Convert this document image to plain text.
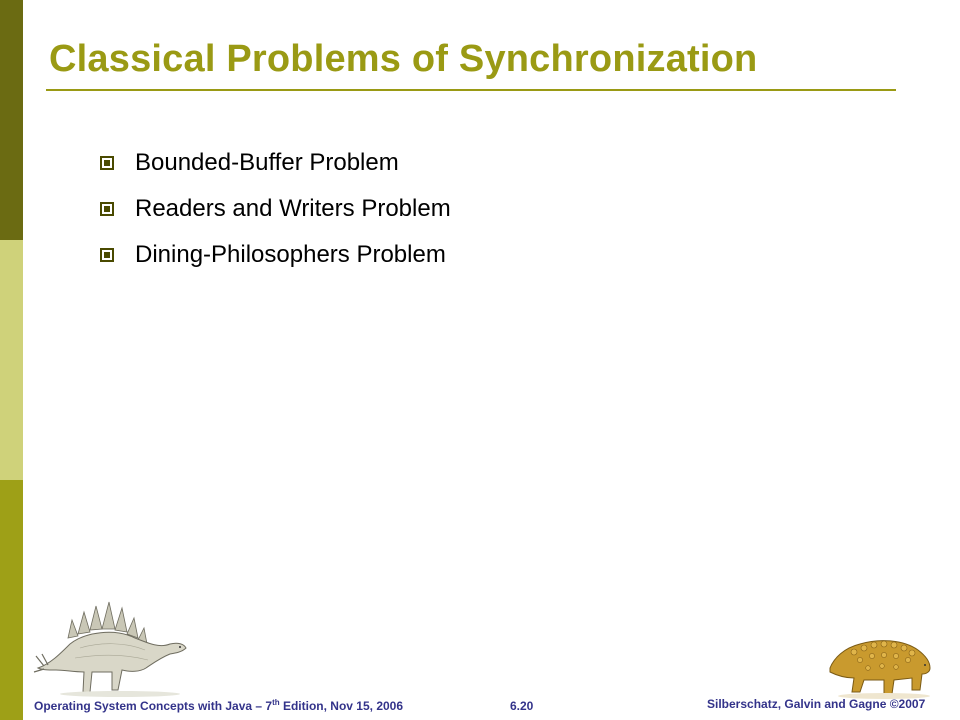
Classical Problems of Synchronization
Bounded-Buffer Problem
Readers and Writers Problem
Dining-Philosophers Problem
Operating System Concepts with Java – 7th Edition, Nov 15, 2006	6.20	Silberschatz, Galvin and Gagne ©2007
